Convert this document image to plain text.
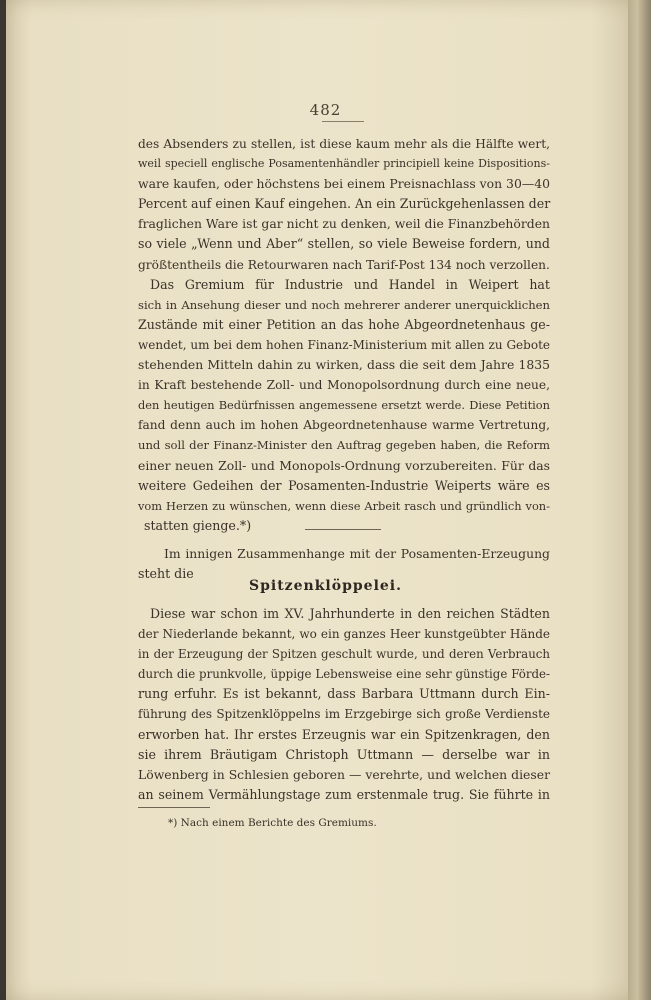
482
des Absenders zu stellen, ist diese kaum mehr als die Hälfte wert,
weil speciell englische Posamentenhändler principiell keine Dispositions-
ware kaufen, oder höchstens bei einem Preisnachlass von 30—40
Percent auf einen Kauf eingehen. An ein Zurückgehenlassen der
fraglichen Ware ist gar nicht zu denken, weil die Finanzbehörden
so viele „Wenn und Aber“ stellen, so viele Beweise fordern, und
größtentheils die Retourwaren nach Tarif-Post 134 noch verzollen.
Das Gremium für Industrie und Handel in Weipert hat
sich in Ansehung dieser und noch mehrerer anderer unerquicklichen
Zustände mit einer Petition an das hohe Abgeordnetenhaus ge-
wendet, um bei dem hohen Finanz-Ministerium mit allen zu Gebote
stehenden Mitteln dahin zu wirken, dass die seit dem Jahre 1835
in Kraft bestehende Zoll- und Monopolsordnung durch eine neue,
den heutigen Bedürfnissen angemessene ersetzt werde. Diese Petition
fand denn auch im hohen Abgeordnetenhause warme Vertretung,
und soll der Finanz-Minister den Auftrag gegeben haben, die Reform
einer neuen Zoll- und Monopols-Ordnung vorzubereiten. Für das
weitere Gedeihen der Posamenten-Industrie Weiperts wäre es
vom Herzen zu wünschen, wenn diese Arbeit rasch und gründlich von-
statten gienge.*)
Im innigen Zusammenhange mit der Posamenten-Erzeugung
steht die
Spitzenklöppelei.
Diese war schon im XV. Jahrhunderte in den reichen Städten
der Niederlande bekannt, wo ein ganzes Heer kunstgeübter Hände
in der Erzeugung der Spitzen geschult wurde, und deren Verbrauch
durch die prunkvolle, üppige Lebensweise eine sehr günstige Förde-
rung erfuhr. Es ist bekannt, dass Barbara Uttmann durch Ein-
führung des Spitzenklöppelns im Erzgebirge sich große Verdienste
erworben hat. Ihr erstes Erzeugnis war ein Spitzenkragen, den
sie ihrem Bräutigam Christoph Uttmann — derselbe war in
Löwenberg in Schlesien geboren — verehrte, und welchen dieser
an seinem Vermählungstage zum erstenmale trug. Sie führte in
*) Nach einem Berichte des Gremiums.
